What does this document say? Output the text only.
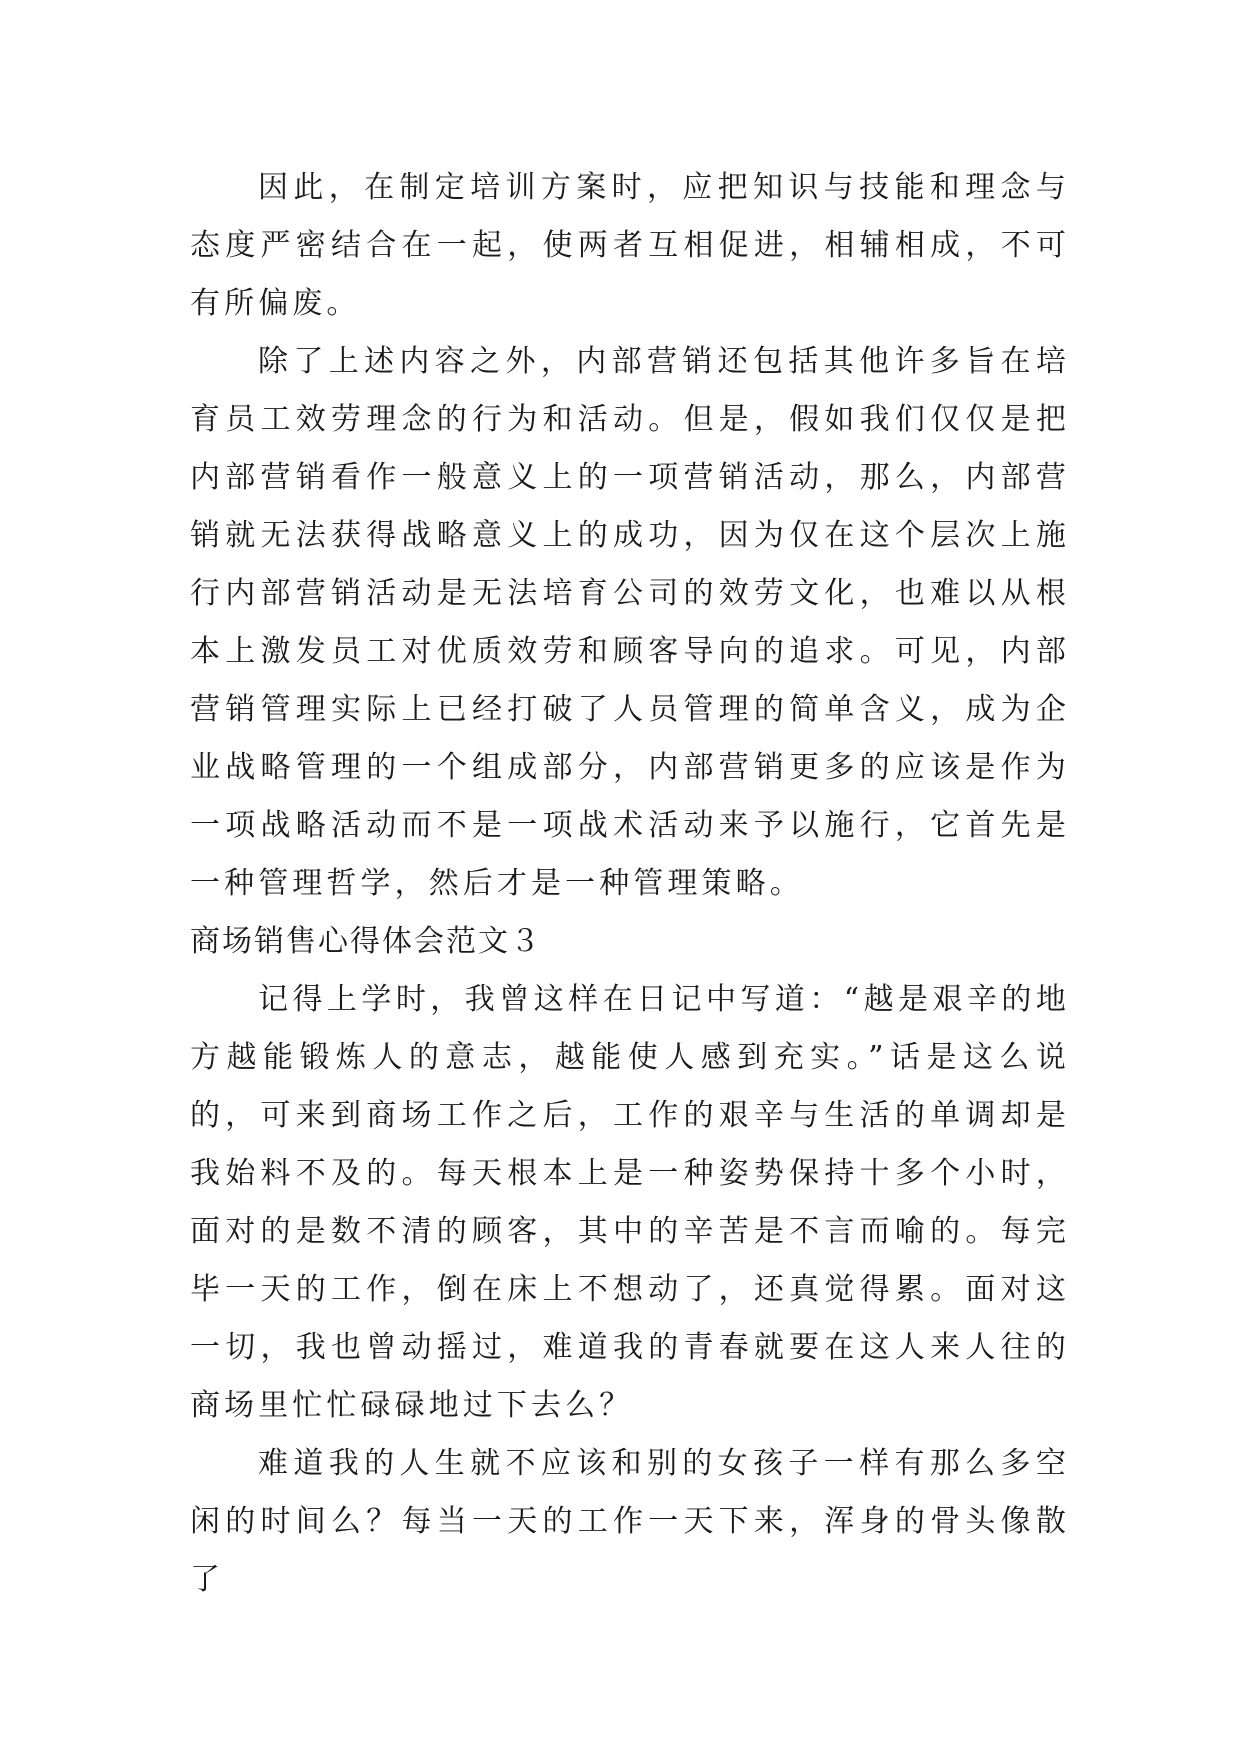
因此，在制定培训方案时，应把知识与技能和理念与态度严密结合在一起，使两者互相促进，相辅相成，不可有所偏废。

除了上述内容之外，内部营销还包括其他许多旨在培育员工效劳理念的行为和活动。但是，假如我们仅仅是把内部营销看作一般意义上的一项营销活动，那么，内部营销就无法获得战略意义上的成功，因为仅在这个层次上施行内部营销活动是无法培育公司的效劳文化，也难以从根本上激发员工对优质效劳和顾客导向的追求。可见，内部营销管理实际上已经打破了人员管理的简单含义，成为企业战略管理的一个组成部分，内部营销更多的应该是作为一项战略活动而不是一项战术活动来予以施行，它首先是一种管理哲学，然后才是一种管理策略。

商场销售心得体会范文３

记得上学时，我曾这样在日记中写道：“越是艰辛的地方越能锻炼人的意志，越能使人感到充实。”话是这么说的，可来到商场工作之后，工作的艰辛与生活的单调却是我始料不及的。每天根本上是一种姿势保持十多个小时，面对的是数不清的顾客，其中的辛苦是不言而喻的。每完毕一天的工作，倒在床上不想动了，还真觉得累。面对这一切，我也曾动摇过，难道我的青春就要在这人来人往的商场里忙忙碌碌地过下去么？

难道我的人生就不应该和别的女孩子一样有那么多空闲的时间么？每当一天的工作一天下来，浑身的骨头像散了
